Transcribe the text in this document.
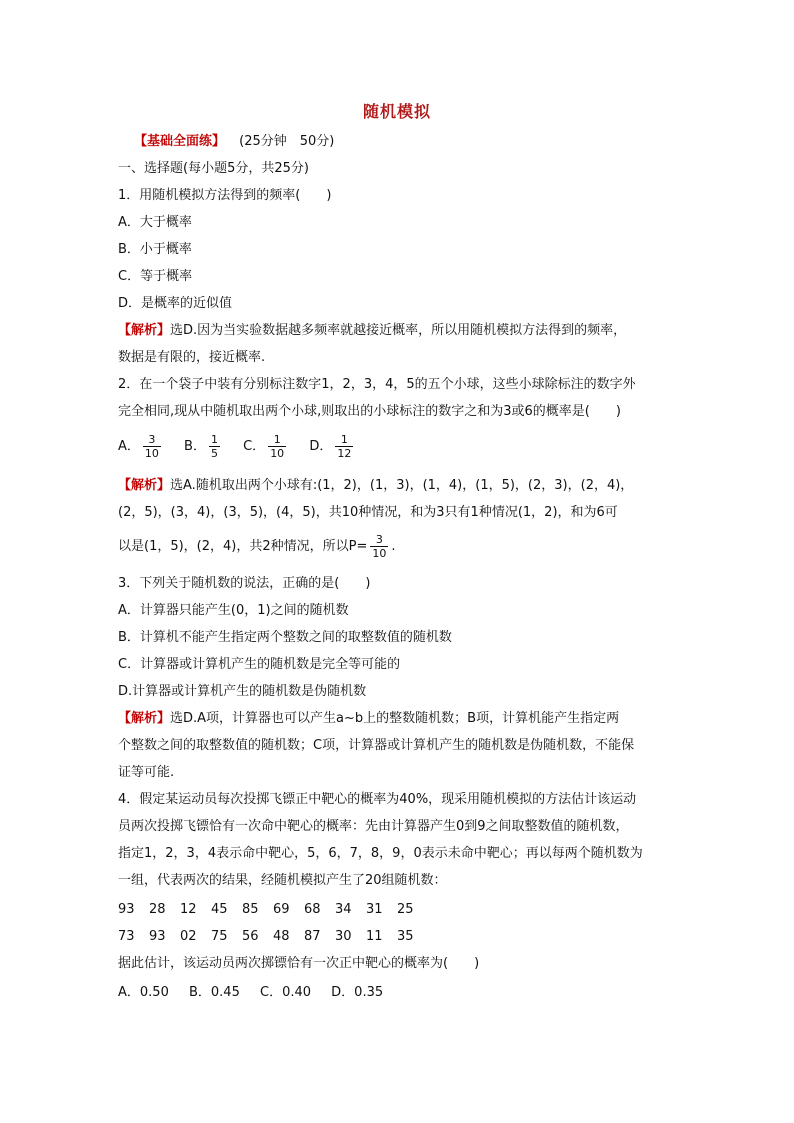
随机模拟
【基础全面练】 (25分钟　50分)
一、选择题(每小题5分，共25分)
1．用随机模拟方法得到的频率(　　)
A．大于概率
B．小于概率
C．等于概率
D．是概率的近似值
【解析】选D.因为当实验数据越多频率就越接近概率，所以用随机模拟方法得到的频率，
数据是有限的，接近概率.
2．在一个袋子中装有分别标注数字1，2，3，4，5的五个小球，这些小球除标注的数字外
完全相同,现从中随机取出两个小球,则取出的小球标注的数字之和为3或6的概率是(　　)
A． $\frac{3}{10}$ B． $\frac{1}{5}$ C． $\frac{1}{10}$ D． $\frac{1}{12}$
【解析】选A.随机取出两个小球有:(1，2)，(1，3)，(1，4)，(1，5)，(2，3)，(2，4)，
(2，5)，(3，4)，(3，5)，(4，5)，共10种情况，和为3只有1种情况(1，2)，和为6可
以是(1，5)，(2，4)，共2种情况，所以$P= \frac{3}{10}$ .
3．下列关于随机数的说法，正确的是(　　)
A．计算器只能产生(0，1)之间的随机数
B．计算机不能产生指定两个整数之间的取整数值的随机数
C．计算器或计算机产生的随机数是完全等可能的
D.计算器或计算机产生的随机数是伪随机数
【解析】选D.A项，计算器也可以产生a~b上的整数随机数；B项，计算机能产生指定两
个整数之间的取整数值的随机数；C项，计算器或计算机产生的随机数是伪随机数，不能保
证等可能.
4．假定某运动员每次投掷飞镖正中靶心的概率为40%，现采用随机模拟的方法估计该运动
员两次投掷飞镖恰有一次命中靶心的概率：先由计算器产生0到9之间取整数值的随机数，
指定1，2，3，4表示命中靶心，5，6，7，8，9，0表示未命中靶心；再以每两个随机数为
一组，代表两次的结果，经随机模拟产生了20组随机数：
93 28 12 45 85 69 68 34 31 25
73 93 02 75 56 48 87 30 11 35
据此估计，该运动员两次掷镖恰有一次正中靶心的概率为(　　)
A．0.50 B．0.45 C．0.40 D．0.35
